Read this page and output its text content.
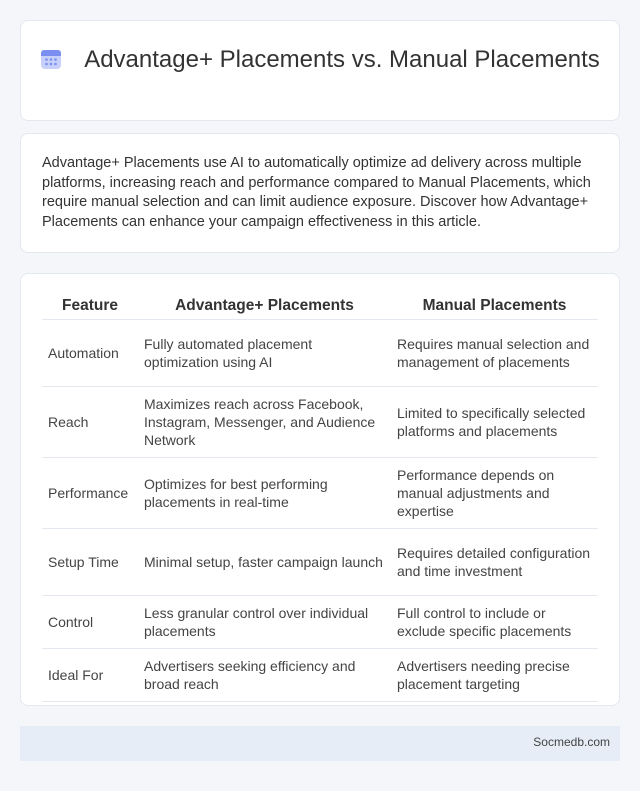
Advantage+ Placements vs. Manual Placements
Advantage+ Placements use AI to automatically optimize ad delivery across multiple platforms, increasing reach and performance compared to Manual Placements, which require manual selection and can limit audience exposure. Discover how Advantage+ Placements can enhance your campaign effectiveness in this article.
Feature	Advantage+ Placements	Manual Placements
Automation	Fully automated placement optimization using AI	Requires manual selection and management of placements
Reach	Maximizes reach across Facebook, Instagram, Messenger, and Audience Network	Limited to specifically selected platforms and placements
Performance	Optimizes for best performing placements in real-time	Performance depends on manual adjustments and expertise
Setup Time	Minimal setup, faster campaign launch	Requires detailed configuration and time investment
Control	Less granular control over individual placements	Full control to include or exclude specific placements
Ideal For	Advertisers seeking efficiency and broad reach	Advertisers needing precise placement targeting
Socmedb.com
